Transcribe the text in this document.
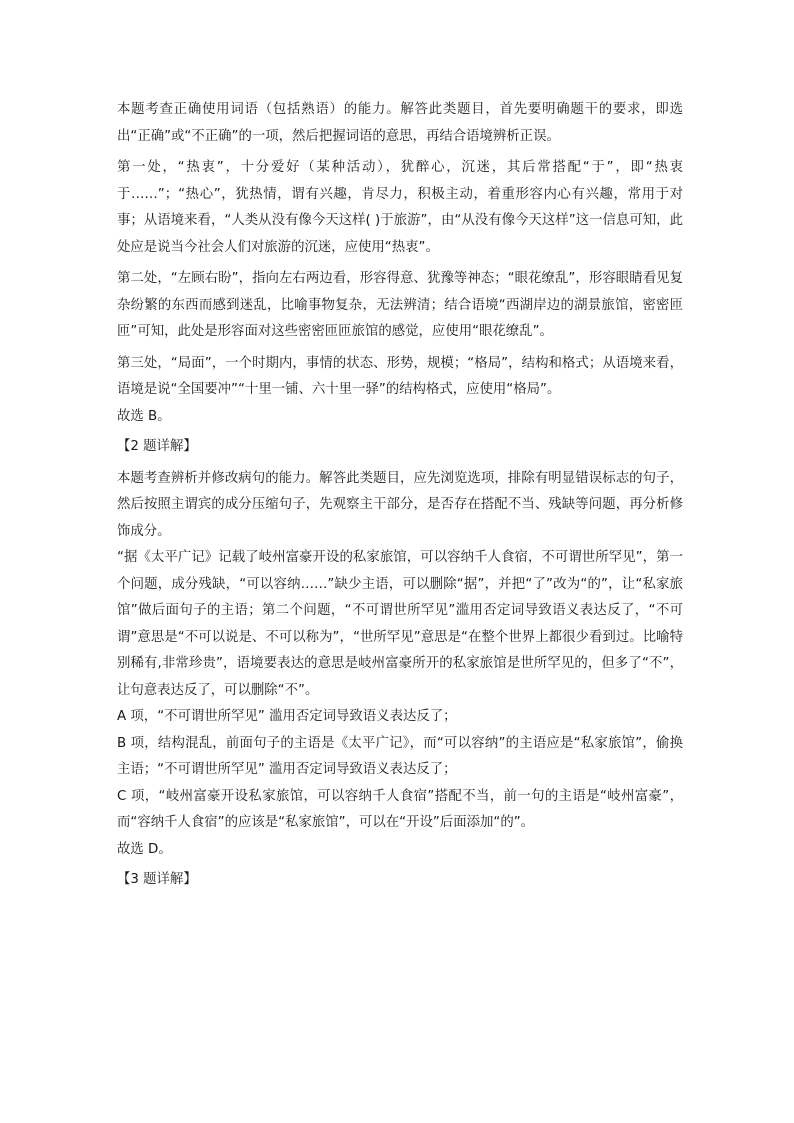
本题考查正确使用词语（包括熟语）的能力。解答此类题目，首先要明确题干的要求，即选出“正确”或“不正确”的一项，然后把握词语的意思，再结合语境辨析正误。

第一处，“热衷”，十分爱好（某种活动），犹醉心，沉迷，其后常搭配“于”，即“热衷于……”；“热心”，犹热情，谓有兴趣，肯尽力，积极主动，着重形容内心有兴趣，常用于对事；从语境来看，“人类从没有像今天这样( )于旅游”，由“从没有像今天这样”这一信息可知，此处应是说当今社会人们对旅游的沉迷，应使用“热衷”。

第二处，“左顾右盼”，指向左右两边看，形容得意、犹豫等神态；“眼花缭乱”，形容眼睛看见复杂纷繁的东西而感到迷乱，比喻事物复杂，无法辨清；结合语境“西湖岸边的湖景旅馆，密密匝匝”可知，此处是形容面对这些密密匝匝旅馆的感觉，应使用“眼花缭乱”。

第三处，“局面”，一个时期内，事情的状态、形势，规模；“格局”，结构和格式；从语境来看，语境是说“全国要冲”“十里一铺、六十里一驿”的结构格式，应使用“格局”。

故选 B。

【2 题详解】

本题考查辨析并修改病句的能力。解答此类题目，应先浏览选项，排除有明显错误标志的句子，然后按照主谓宾的成分压缩句子，先观察主干部分，是否存在搭配不当、残缺等问题，再分析修饰成分。

“据《太平广记》记载了岐州富豪开设的私家旅馆，可以容纳千人食宿，不可谓世所罕见”，第一个问题，成分残缺，“可以容纳……”缺少主语，可以删除“据”，并把“了”改为“的”，让“私家旅馆”做后面句子的主语；第二个问题，“不可谓世所罕见”滥用否定词导致语义表达反了，“不可谓”意思是“不可以说是、不可以称为”，“世所罕见”意思是“在整个世界上都很少看到过。比喻特别稀有,非常珍贵”，语境要表达的意思是岐州富豪所开的私家旅馆是世所罕见的，但多了“不”，让句意表达反了，可以删除“不”。

A 项，“不可谓世所罕见” 滥用否定词导致语义表达反了；

B 项，结构混乱，前面句子的主语是《太平广记》，而“可以容纳”的主语应是“私家旅馆”，偷换主语；“不可谓世所罕见” 滥用否定词导致语义表达反了；

C 项，“岐州富豪开设私家旅馆，可以容纳千人食宿”搭配不当，前一句的主语是“岐州富豪”，而“容纳千人食宿”的应该是“私家旅馆”，可以在“开设”后面添加“的”。

故选 D。

【3 题详解】
